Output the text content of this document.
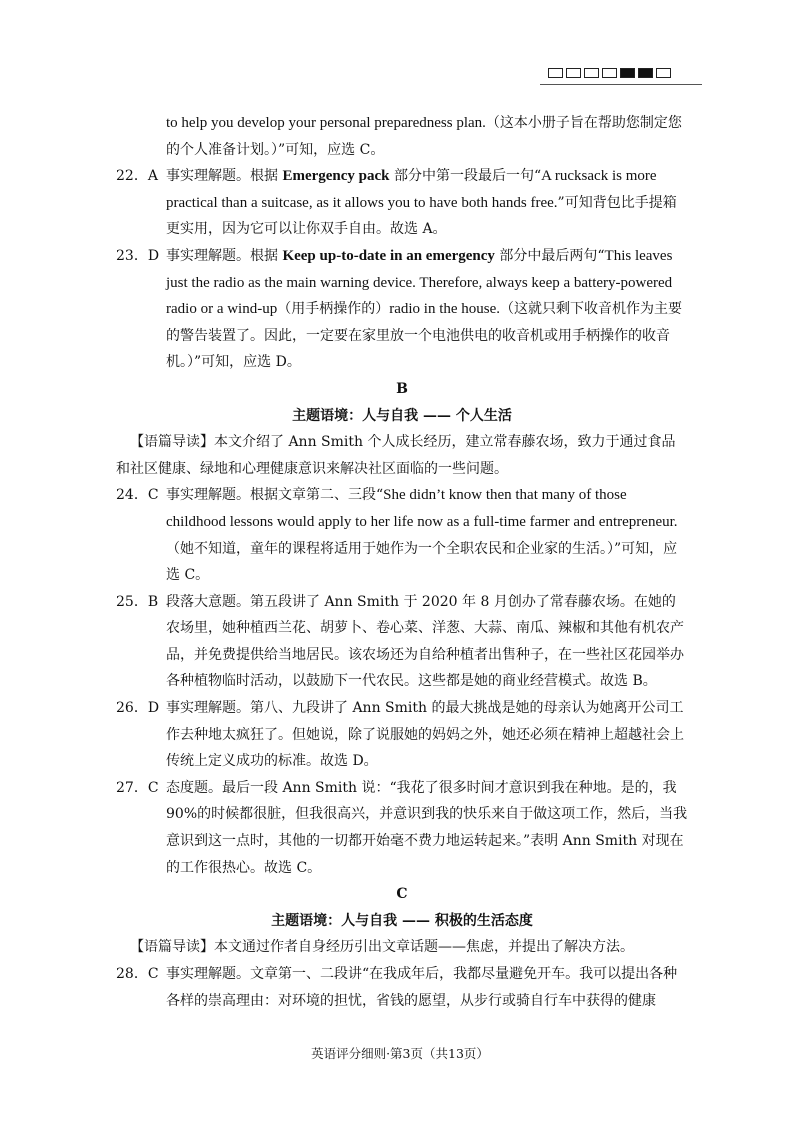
to help you develop your personal preparedness plan.（这本小册子旨在帮助您制定您的个人准备计划。）”可知，应选 C。

22．A 事实理解题。根据 Emergency pack 部分中第一段最后一句“A rucksack is more practical than a suitcase, as it allows you to have both hands free.”可知背包比手提箱更实用，因为它可以让你双手自由。故选 A。

23．D 事实理解题。根据 Keep up-to-date in an emergency 部分中最后两句“This leaves just the radio as the main warning device. Therefore, always keep a battery-powered radio or a wind-up（用手柄操作的）radio in the house.（这就只剩下收音机作为主要的警告装置了。因此，一定要在家里放一个电池供电的收音机或用手柄操作的收音机。）”可知，应选 D。

B

主题语境：人与自我 —— 个人生活

【语篇导读】本文介绍了 Ann Smith 个人成长经历，建立常春藤农场，致力于通过食品和社区健康、绿地和心理健康意识来解决社区面临的一些问题。

24．C 事实理解题。根据文章第二、三段“She didn’t know then that many of those childhood lessons would apply to her life now as a full-time farmer and entrepreneur.（她不知道，童年的课程将适用于她作为一个全职农民和企业家的生活。）”可知，应选 C。

25．B 段落大意题。第五段讲了 Ann Smith 于 2020 年 8 月创办了常春藤农场。在她的农场里，她种植西兰花、胡萝卜、卷心菜、洋葱、大蒜、南瓜、辣椒和其他有机农产品，并免费提供给当地居民。该农场还为自给种植者出售种子，在一些社区花园举办各种植物临时活动，以鼓励下一代农民。这些都是她的商业经营模式。故选 B。

26．D 事实理解题。第八、九段讲了 Ann Smith 的最大挑战是她的母亲认为她离开公司工作去种地太疯狂了。但她说，除了说服她的妈妈之外，她还必须在精神上超越社会上传统上定义成功的标准。故选 D。

27．C 态度题。最后一段 Ann Smith 说：“我花了很多时间才意识到我在种地。是的，我 90%的时候都很脏，但我很高兴，并意识到我的快乐来自于做这项工作，然后，当我意识到这一点时，其他的一切都开始毫不费力地运转起来。”表明 Ann Smith 对现在的工作很热心。故选 C。

C

主题语境：人与自我 —— 积极的生活态度

【语篇导读】本文通过作者自身经历引出文章话题——焦虑，并提出了解决方法。

28．C 事实理解题。文章第一、二段讲“在我成年后，我都尽量避免开车。我可以提出各种各样的崇高理由：对环境的担忧，省钱的愿望，从步行或骑自行车中获得的健康

英语评分细则·第3页（共13页）
